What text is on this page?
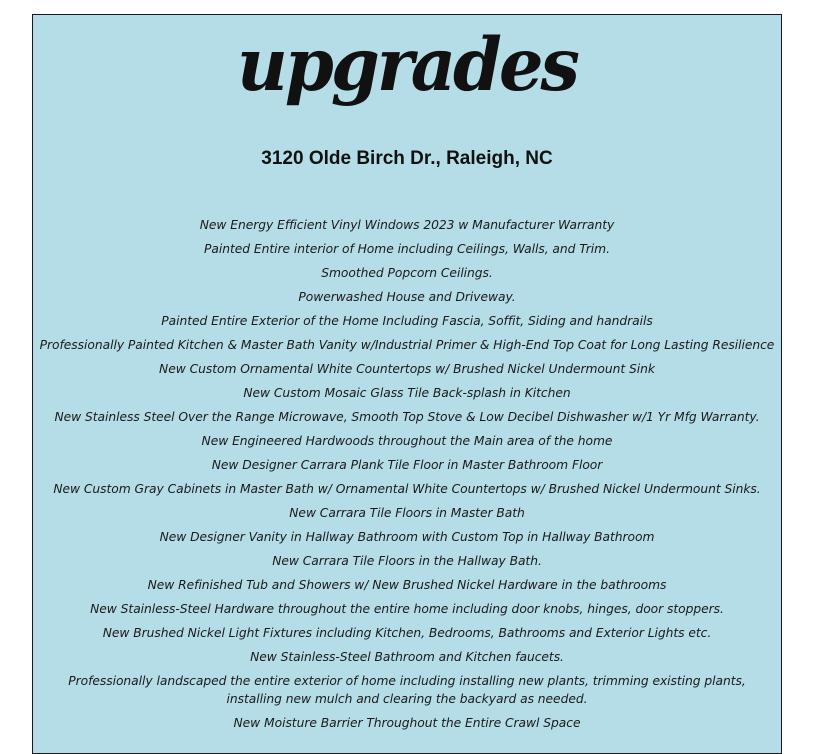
upgrades
3120 Olde Birch Dr., Raleigh, NC
New Energy Efficient Vinyl Windows 2023 w Manufacturer Warranty
Painted Entire interior of Home including Ceilings, Walls, and Trim.
Smoothed Popcorn Ceilings.
Powerwashed House and Driveway.
Painted Entire Exterior of the Home Including Fascia, Soffit, Siding and handrails
Professionally Painted Kitchen & Master Bath Vanity w/Industrial Primer & High-End Top Coat for Long Lasting Resilience
New Custom Ornamental White Countertops w/ Brushed Nickel Undermount Sink
New Custom Mosaic Glass Tile Back-splash in Kitchen
New Stainless Steel Over the Range Microwave, Smooth Top Stove & Low Decibel Dishwasher w/1 Yr Mfg Warranty.
New Engineered Hardwoods throughout the Main area of the home
New Designer Carrara Plank Tile Floor in Master Bathroom Floor
New Custom Gray Cabinets in Master Bath w/ Ornamental White Countertops w/ Brushed Nickel Undermount Sinks.
New Carrara Tile Floors in Master Bath
New Designer Vanity in Hallway Bathroom with Custom Top in Hallway Bathroom
New Carrara Tile Floors in the Hallway Bath.
New Refinished Tub and Showers w/ New Brushed Nickel Hardware in the bathrooms
New Stainless-Steel Hardware throughout the entire home including door knobs, hinges, door stoppers.
New Brushed Nickel Light Fixtures including Kitchen, Bedrooms, Bathrooms and Exterior Lights etc.
New Stainless-Steel Bathroom and Kitchen faucets.
Professionally landscaped the entire exterior of home including installing new plants, trimming existing plants,
installing new mulch and clearing the backyard as needed.
New Moisture Barrier Throughout the Entire Crawl Space
